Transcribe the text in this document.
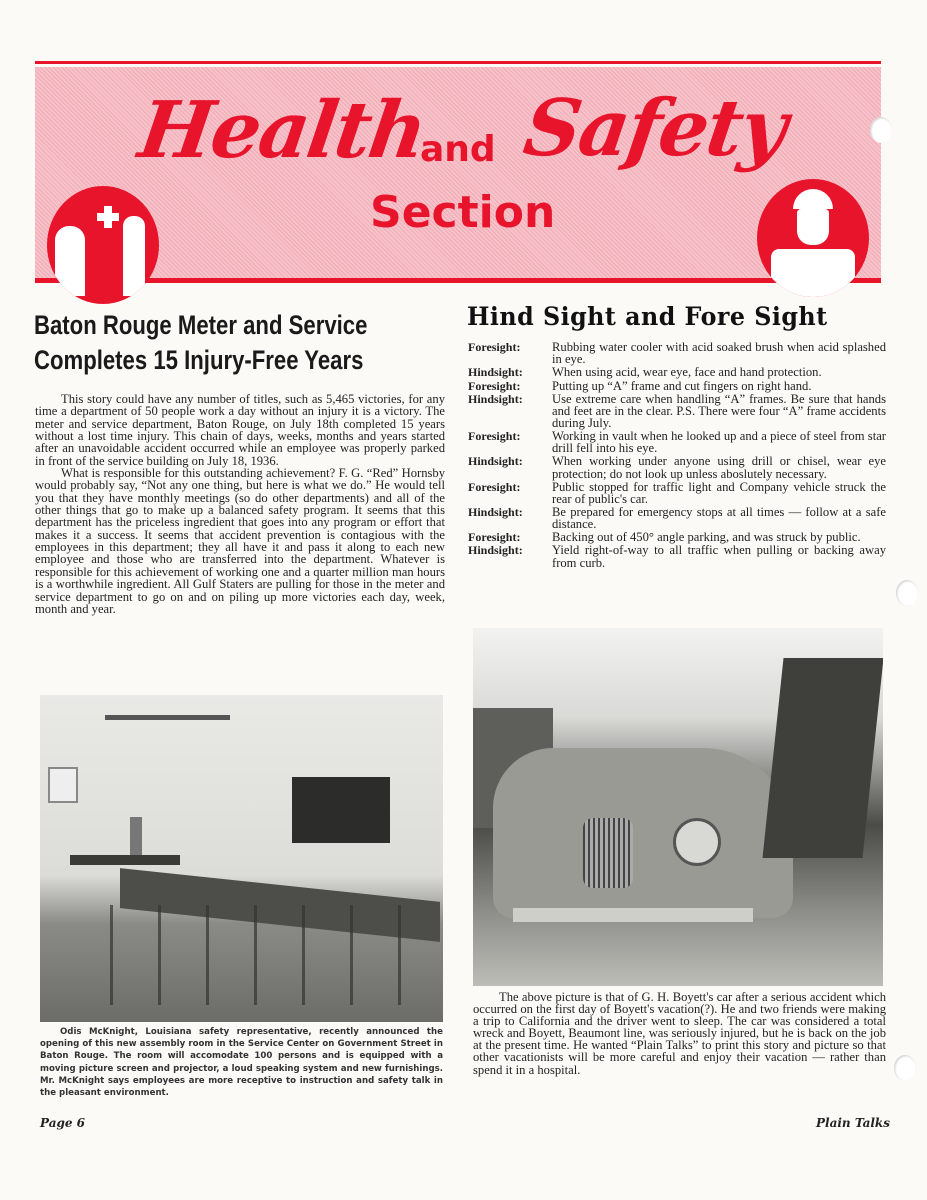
Health
and Safety
Section
Baton Rouge Meter and Service
Completes 15 Injury-Free Years

This story could have any number of titles, such as 5,465 victories, for any time a department of 50 people work a day without an injury it is a victory. The meter and service department, Baton Rouge, on July 18th completed 15 years without a lost time injury. This chain of days, weeks, months and years started after an unavoidable accident occurred while an employee was properly parked in front of the service building on July 18, 1936.

What is responsible for this outstanding achievement? F. G. “Red” Hornsby would probably say, “Not any one thing, but here is what we do.” He would tell you that they have monthly meetings (so do other departments) and all of the other things that go to make up a balanced safety program. It seems that this department has the priceless ingredient that goes into any program or effort that makes it a success. It seems that accident prevention is contagious with the employees in this department; they all have it and pass it along to each new employee and those who are transferred into the department. Whatever is responsible for this achievement of working one and a quarter million man hours is a worthwhile ingredient. All Gulf Staters are pulling for those in the meter and service department to go on and on piling up more victories each day, week, month and year.

Odis McKnight, Louisiana safety representative, recently announced the opening of this new assembly room in the Service Center on Government Street in Baton Rouge. The room will accomodate 100 persons and is equipped with a moving picture screen and projector, a loud speaking system and new furnishings. Mr. McKnight says employees are more receptive to instruction and safety talk in the pleasant environment.

Hind Sight and Fore Sight
Foresight:	Rubbing water cooler with acid soaked brush when acid splashed in eye.
Hindsight:	When using acid, wear eye, face and hand protection.
Foresight:	Putting up “A” frame and cut fingers on right hand.
Hindsight:	Use extreme care when handling “A” frames. Be sure that hands and feet are in the clear. P.S. There were four “A” frame accidents during July.
Foresight:	Working in vault when he looked up and a piece of steel from star drill fell into his eye.
Hindsight:	When working under anyone using drill or chisel, wear eye protection; do not look up unless aboslutely necessary.
Foresight:	Public stopped for traffic light and Company vehicle struck the rear of public's car.
Hindsight:	Be prepared for emergency stops at all times — follow at a safe distance.
Foresight:	Backing out of 450° angle parking, and was struck by public.
Hindsight:	Yield right-of-way to all traffic when pulling or backing away from curb.

The above picture is that of G. H. Boyett's car after a serious accident which occurred on the first day of Boyett's vacation(?). He and two friends were making a trip to California and the driver went to sleep. The car was considered a total wreck and Boyett, Beaumont line, was seriously injured, but he is back on the job at the present time. He wanted “Plain Talks” to print this story and picture so that other vacationists will be more careful and enjoy their vacation — rather than spend it in a hospital.

Page 6	Plain Talks
